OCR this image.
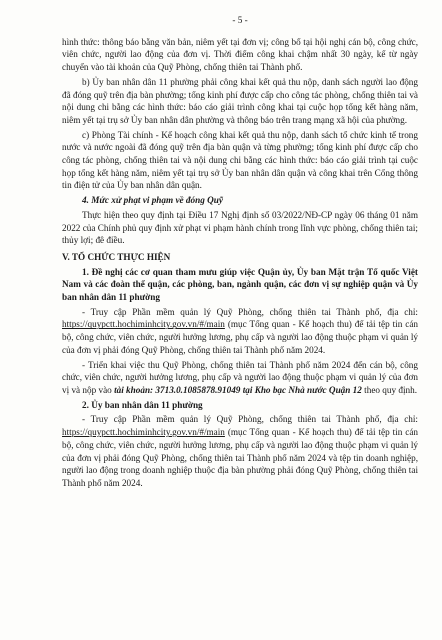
- 5 -

hình thức: thông báo bằng văn bản, niêm yết tại đơn vị; công bố tại hội nghị cán bộ, công chức, viên chức, người lao động của đơn vị. Thời điểm công khai chậm nhất 30 ngày, kể từ ngày chuyển vào tài khoản của Quỹ Phòng, chống thiên tai Thành phố.

b) Ủy ban nhân dân 11 phường phải công khai kết quả thu nộp, danh sách người lao động đã đóng quỹ trên địa bàn phường; tổng kinh phí được cấp cho công tác phòng, chống thiên tai và nội dung chi bằng các hình thức: báo cáo giải trình công khai tại cuộc họp tổng kết hàng năm, niêm yết tại trụ sở Ủy ban nhân dân phường và thông báo trên trang mạng xã hội của phường.

c) Phòng Tài chính - Kế hoạch công khai kết quả thu nộp, danh sách tổ chức kinh tế trong nước và nước ngoài đã đóng quỹ trên địa bàn quận và từng phường; tổng kinh phí được cấp cho công tác phòng, chống thiên tai và nội dung chi bằng các hình thức: báo cáo giải trình tại cuộc họp tổng kết hàng năm, niêm yết tại trụ sở Ủy ban nhân dân quận và công khai trên Cổng thông tin điện tử của Ủy ban nhân dân quận.

4. Mức xử phạt vi phạm về đóng Quỹ

Thực hiện theo quy định tại Điều 17 Nghị định số 03/2022/NĐ-CP ngày 06 tháng 01 năm 2022 của Chính phủ quy định xử phạt vi phạm hành chính trong lĩnh vực phòng, chống thiên tai; thủy lợi; đê điều.

V. TỔ CHỨC THỰC HIỆN

1. Đề nghị các cơ quan tham mưu giúp việc Quận ủy, Ủy ban Mặt trận Tổ quốc Việt Nam và các đoàn thể quận, các phòng, ban, ngành quận, các đơn vị sự nghiệp quận và Ủy ban nhân dân 11 phường

- Truy cập Phần mềm quản lý Quỹ Phòng, chống thiên tai Thành phố, địa chỉ: https://quypctt.hochiminhcity.gov.vn/#/main (mục Tổng quan - Kế hoạch thu) để tải tệp tin cán bộ, công chức, viên chức, người hưởng lương, phụ cấp và người lao động thuộc phạm vi quản lý của đơn vị phải đóng Quỹ Phòng, chống thiên tai Thành phố năm 2024.

- Triển khai việc thu Quỹ Phòng, chống thiên tai Thành phố năm 2024 đến cán bộ, công chức, viên chức, người hưởng lương, phụ cấp và người lao động thuộc phạm vi quản lý của đơn vị và nộp vào tài khoản: 3713.0.1085878.91049 tại Kho bạc Nhà nước Quận 12 theo quy định.

2. Ủy ban nhân dân 11 phường

- Truy cập Phần mềm quản lý Quỹ Phòng, chống thiên tai Thành phố, địa chỉ: https://quypctt.hochiminhcity.gov.vn/#/main (mục Tổng quan - Kế hoạch thu) để tải tệp tin cán bộ, công chức, viên chức, người hưởng lương, phụ cấp và người lao động thuộc phạm vi quản lý của đơn vị phải đóng Quỹ Phòng, chống thiên tai Thành phố năm 2024 và tệp tin doanh nghiệp, người lao động trong doanh nghiệp thuộc địa bàn phường phải đóng Quỹ Phòng, chống thiên tai Thành phố năm 2024.
